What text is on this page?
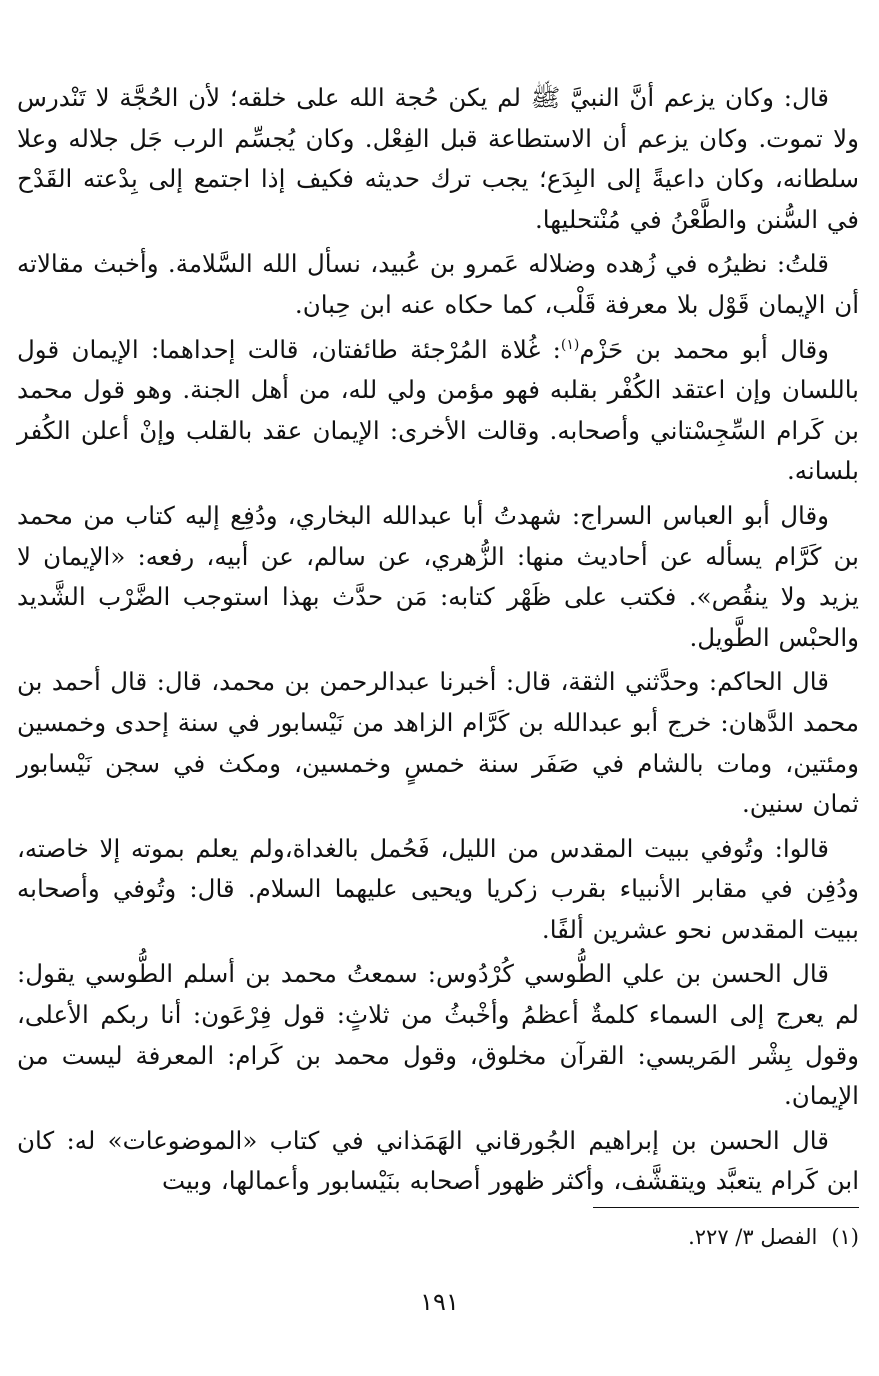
قال: وكان يزعم أنَّ النبيَّ ﷺ لم يكن حُجة الله على خلقه؛ لأن الحُجَّة لا تَنْدرس ولا تموت. وكان يزعم أن الاستطاعة قبل الفِعْل. وكان يُجسِّم الرب جَل جلاله وعلا سلطانه، وكان داعيةً إلى البِدَع؛ يجب ترك حديثه فكيف إذا اجتمع إلى بِدْعته القَدْح في السُّنن والطَّعْنُ في مُنْتحليها.

قلتُ: نظيرُه في زُهده وضلاله عَمرو بن عُبيد، نسأل الله السَّلامة. وأخبث مقالاته أن الإيمان قَوْل بلا معرفة قَلْب، كما حكاه عنه ابن حِبان.

وقال أبو محمد بن حَزْم$^{(١)}$: غُلاة المُرْجئة طائفتان، قالت إحداهما: الإيمان قول باللسان وإن اعتقد الكُفْر بقلبه فهو مؤمن ولي لله، من أهل الجنة. وهو قول محمد بن كَرام السِّجِسْتاني وأصحابه. وقالت الأخرى: الإيمان عقد بالقلب وإنْ أعلن الكُفر بلسانه.

وقال أبو العباس السراج: شهدتُ أبا عبدالله البخاري، ودُفِع إليه كتاب من محمد بن كَرَّام يسأله عن أحاديث منها: الزُّهري، عن سالم، عن أبيه، رفعه: «الإيمان لا يزيد ولا ينقُص». فكتب على ظَهْر كتابه: مَن حدَّث بهذا استوجب الضَّرْب الشَّديد والحبْس الطَّويل.

قال الحاكم: وحدَّثني الثقة، قال: أخبرنا عبدالرحمن بن محمد، قال: قال أحمد بن محمد الدَّهان: خرج أبو عبدالله بن كَرَّام الزاهد من نَيْسابور في سنة إحدى وخمسين ومئتين، ومات بالشام في صَفَر سنة خمسٍ وخمسين، ومكث في سجن نَيْسابور ثمان سنين.

قالوا: وتُوفي ببيت المقدس من الليل، فَحُمل بالغداة،ولم يعلم بموته إلا خاصته، ودُفِن في مقابر الأنبياء بقرب زكريا ويحيى عليهما السلام. قال: وتُوفي وأصحابه ببيت المقدس نحو عشرين ألفًا.

قال الحسن بن علي الطُّوسي كُرْدُوس: سمعتُ محمد بن أسلم الطُّوسي يقول: لم يعرج إلى السماء كلمةٌ أعظمُ وأخْبثُ من ثلاثٍ: قول فِرْعَون: أنا ربكم الأعلى، وقول بِشْر المَريسي: القرآن مخلوق، وقول محمد بن كَرام: المعرفة ليست من الإيمان.

قال الحسن بن إبراهيم الجُورقاني الهَمَذاني في كتاب «الموضوعات» له: كان ابن كَرام يتعبَّد ويتقشَّف، وأكثر ظهور أصحابه بنَيْسابور وأعمالها، وبيت

(١)الفصل ٣/ ٢٢٧.
١٩١
